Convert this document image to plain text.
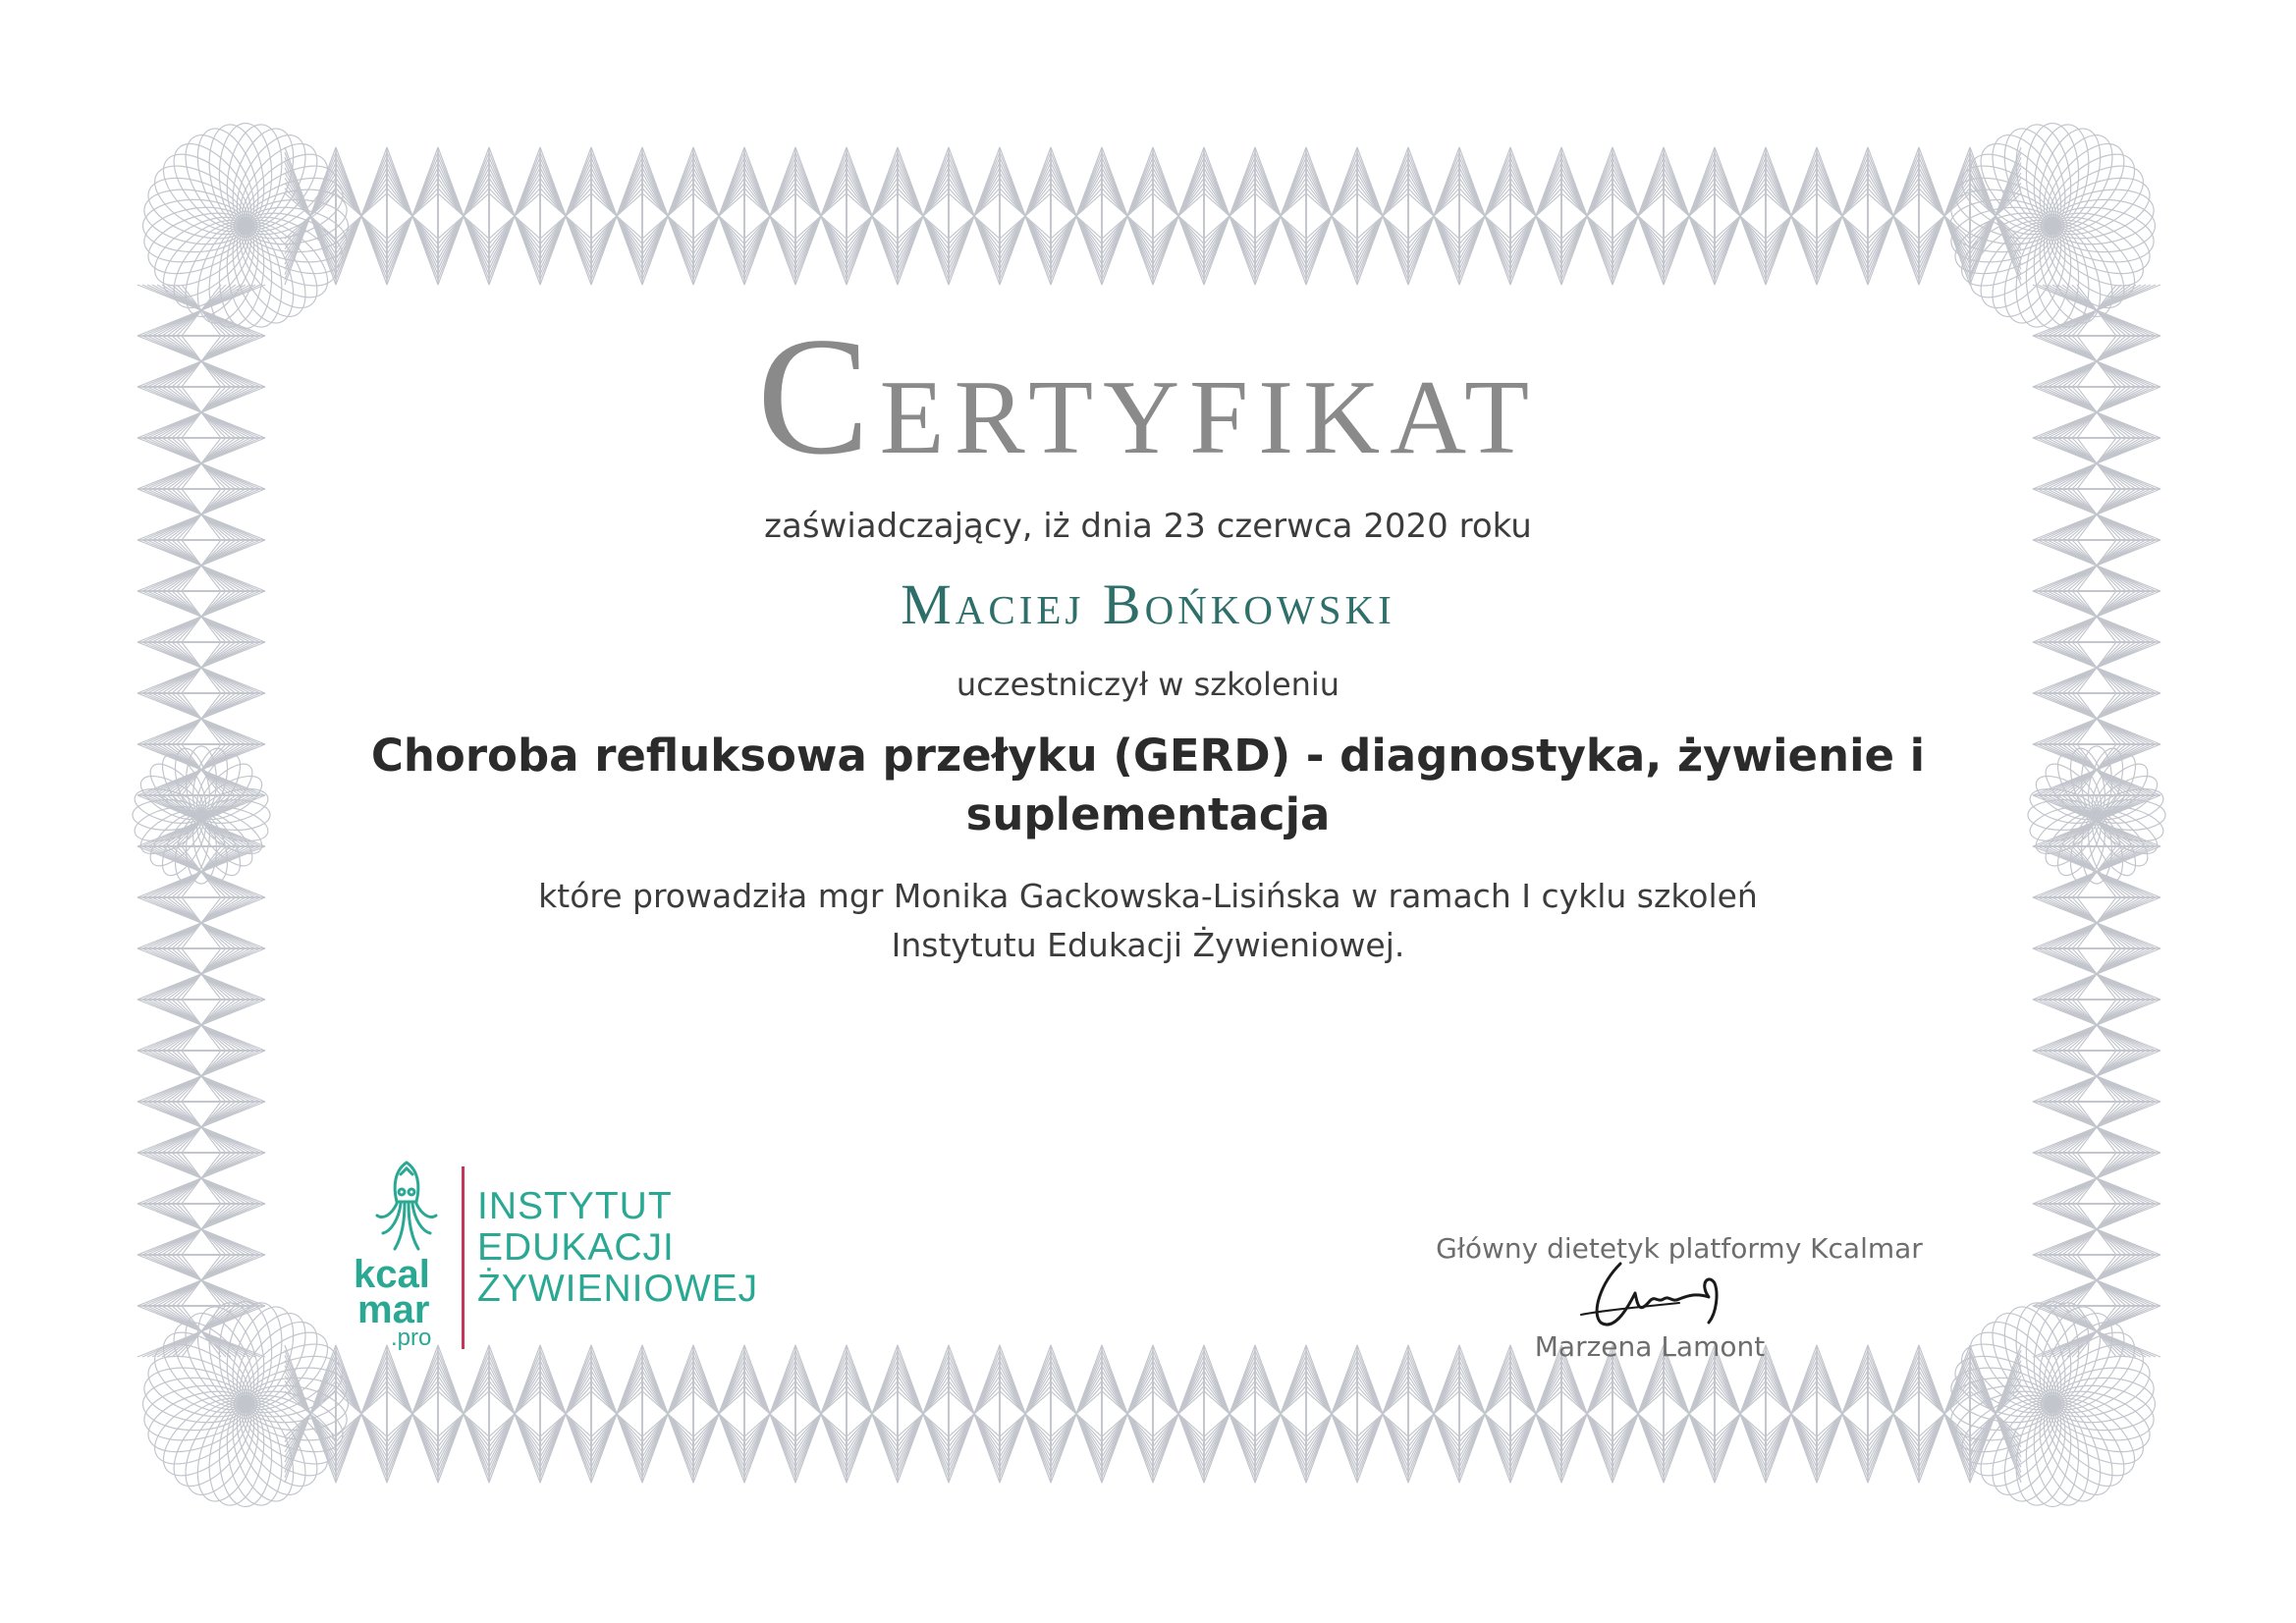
CERTYFIKAT
zaświadczający, iż dnia 23 czerwca 2020 roku
Maciej Bońkowski
uczestniczył w szkoleniu
Choroba refluksowa przełyku (GERD) - diagnostyka, żywienie i
suplementacja
które prowadziła mgr Monika Gackowska-Lisińska w ramach I cyklu szkoleń
Instytutu Edukacji Żywieniowej.
kcal
mar
.pro
INSTYTUT
EDUKACJI
ŻYWIENIOWEJ
Główny dietetyk platformy Kcalmar
Marzena Lamont
